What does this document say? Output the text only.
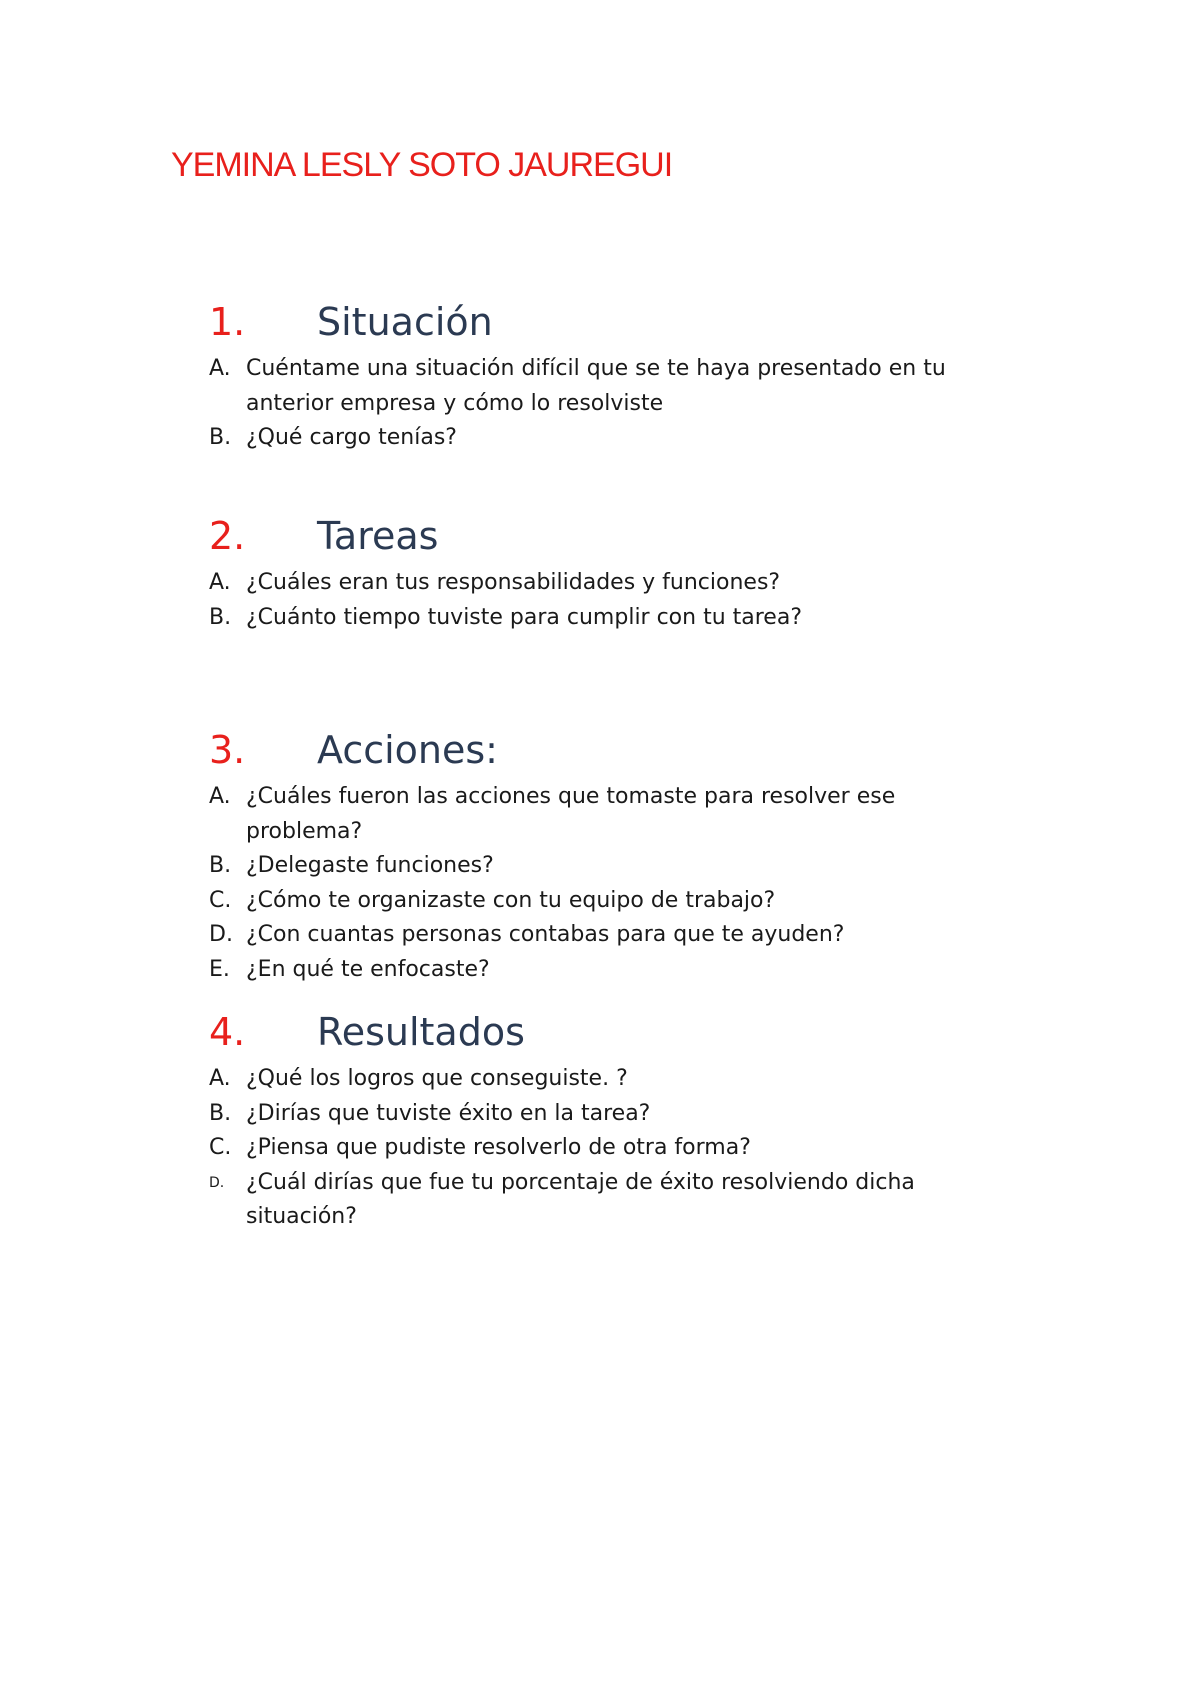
YEMINA LESLY SOTO JAUREGUI
1. Situación
A. Cuéntame una situación difícil que se te haya presentado en tu anterior empresa y cómo lo resolviste
B. ¿Qué cargo tenías?
2. Tareas
A. ¿Cuáles eran tus responsabilidades y funciones?
B. ¿Cuánto tiempo tuviste para cumplir con tu tarea?
3. Acciones:
A. ¿Cuáles fueron las acciones que tomaste para resolver ese problema?
B. ¿Delegaste funciones?
C. ¿Cómo te organizaste con tu equipo de trabajo?
D. ¿Con cuantas personas contabas para que te ayuden?
E. ¿En qué te enfocaste?
4. Resultados
A. ¿Qué los logros que conseguiste. ?
B. ¿Dirías que tuviste éxito en la tarea?
C. ¿Piensa que pudiste resolverlo de otra forma?
D. ¿Cuál dirías que fue tu porcentaje de éxito resolviendo dicha situación?
